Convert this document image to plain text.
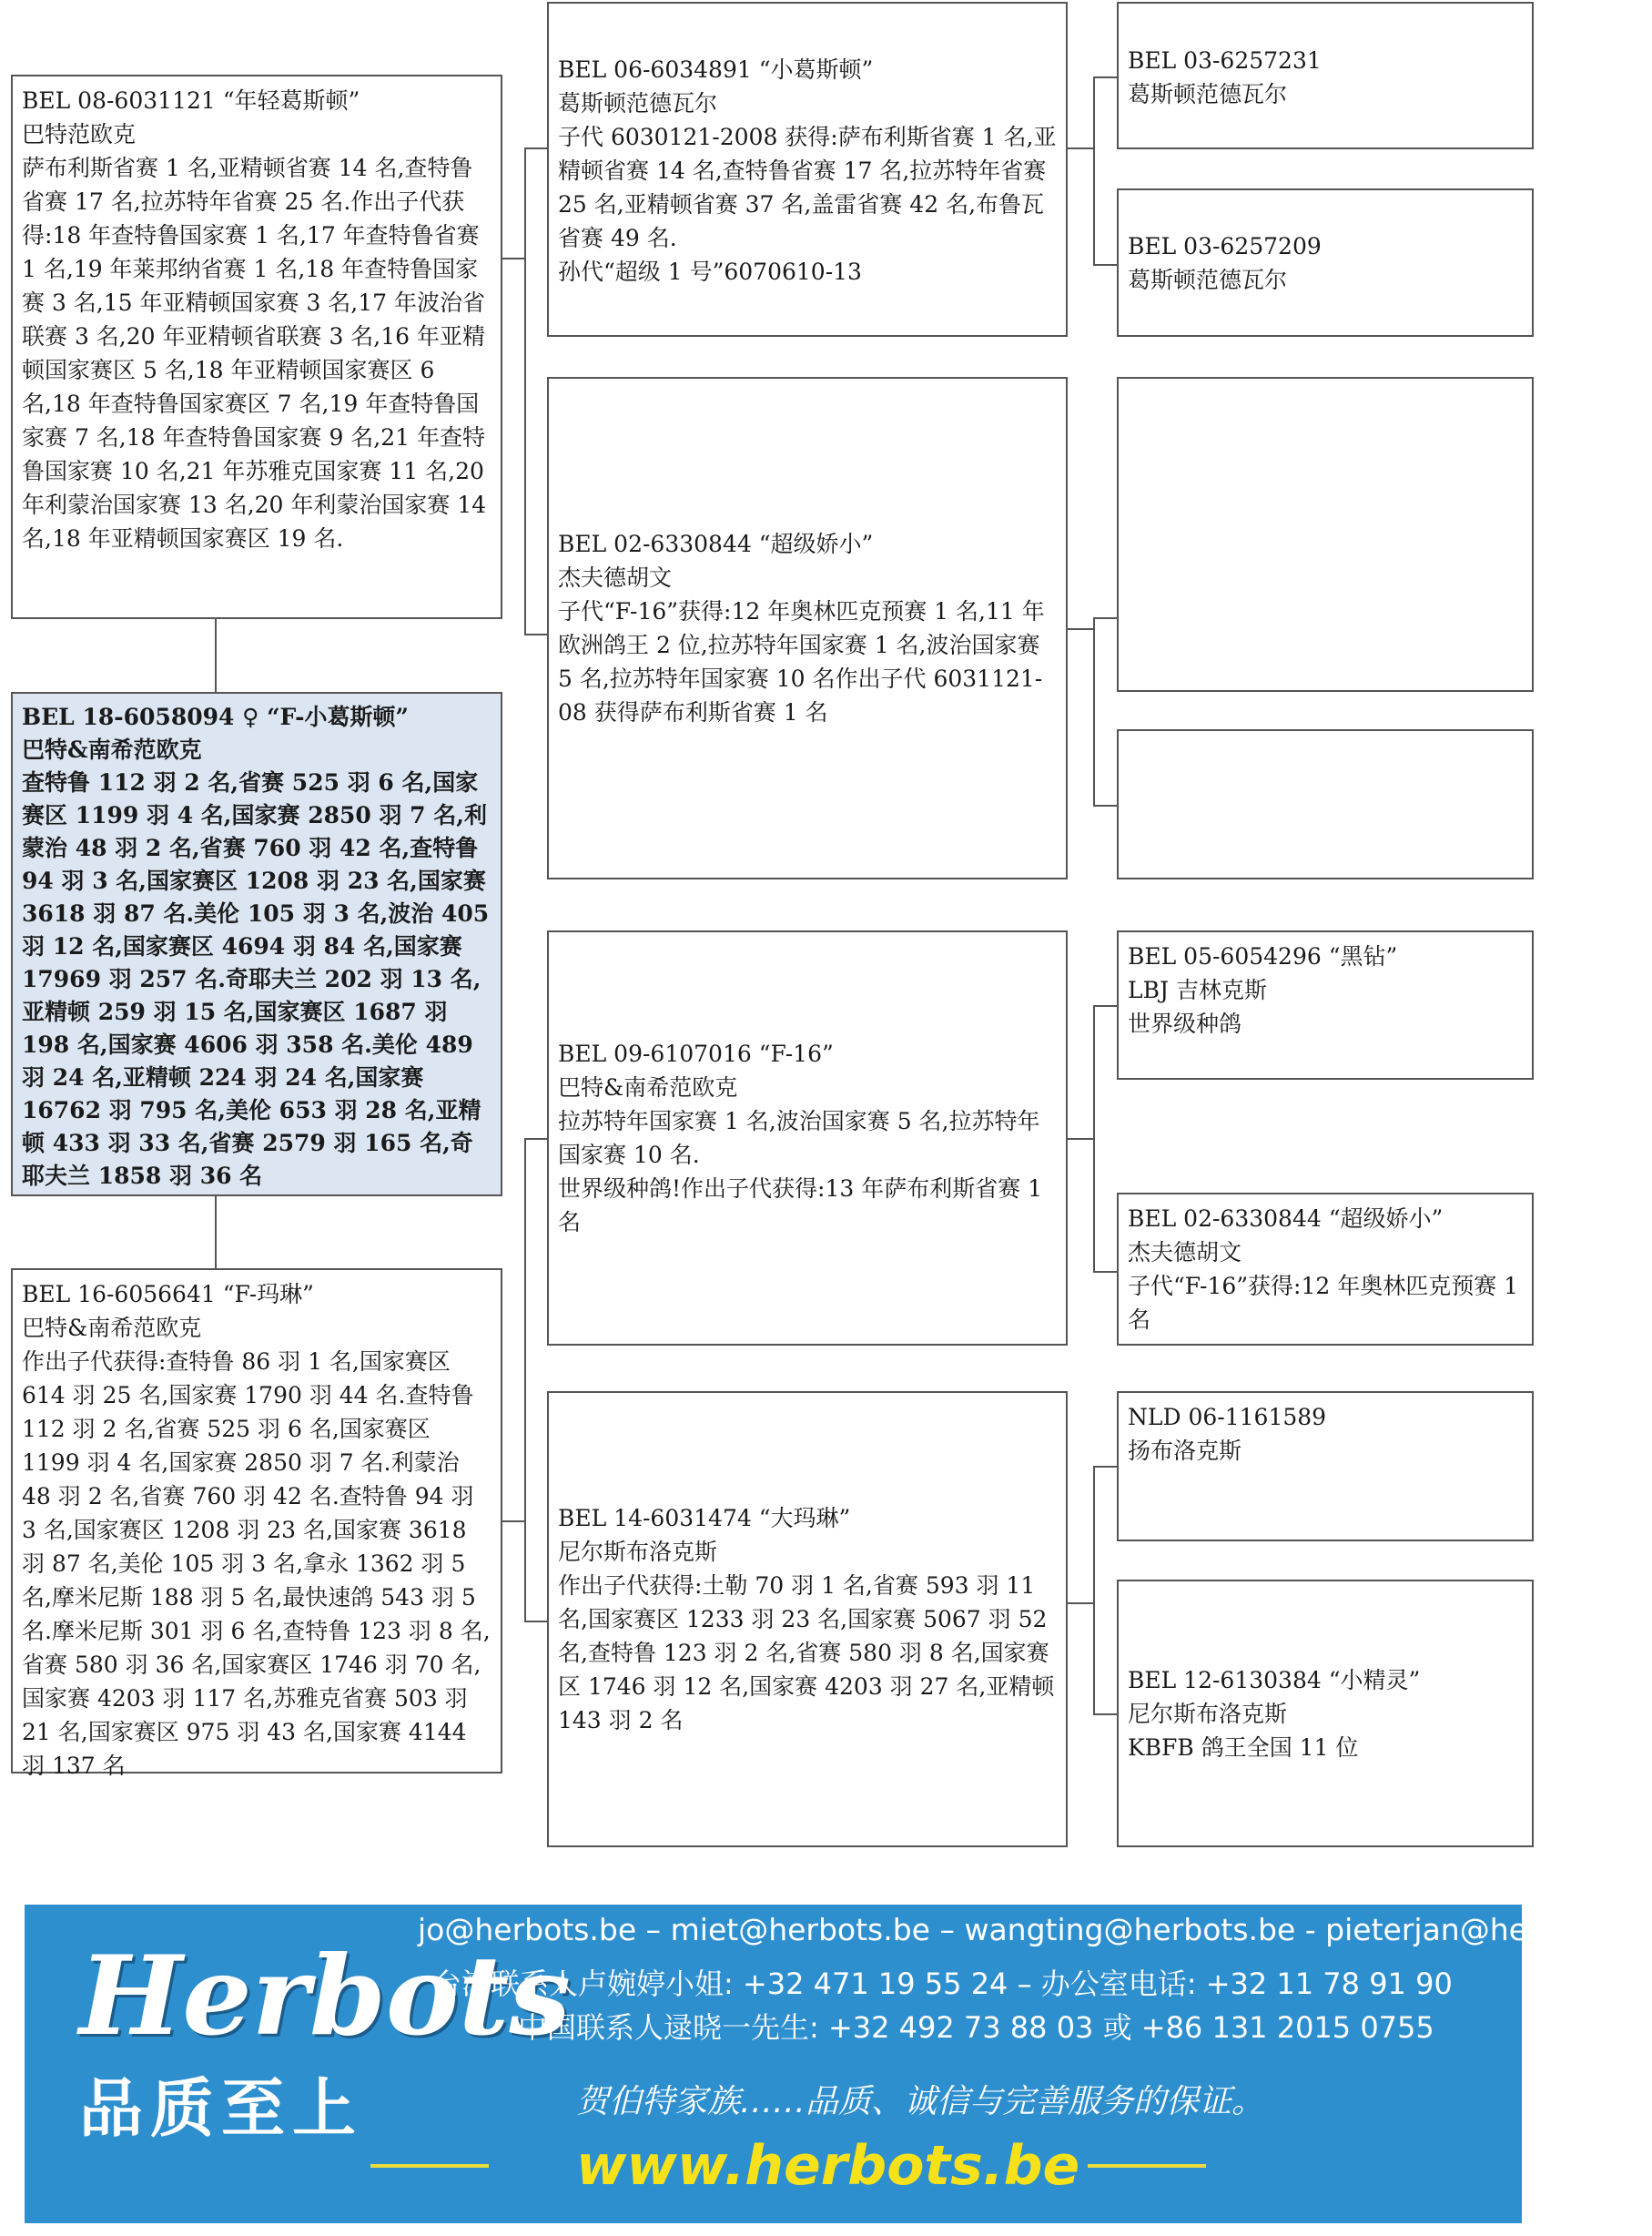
BEL 08-6031121 “年轻葛斯顿”

巴特范欧克

萨布利斯省赛 1 名,亚精顿省赛 14 名,查特鲁省赛 17 名,拉苏特年省赛 25 名.作出子代获得:18 年查特鲁国家赛 1 名,17 年查特鲁省赛 1 名,19 年莱邦纳省赛 1 名,18 年查特鲁国家赛 3 名,15 年亚精顿国家赛 3 名,17 年波治省联赛 3 名,20 年亚精顿省联赛 3 名,16 年亚精顿国家赛区 5 名,18 年亚精顿国家赛区 6 名,18 年查特鲁国家赛区 7 名,19 年查特鲁国家赛 7 名,18 年查特鲁国家赛 9 名,21 年查特鲁国家赛 10 名,21 年苏雅克国家赛 11 名,20 年利蒙治国家赛 13 名,20 年利蒙治国家赛 14 名,18 年亚精顿国家赛区 19 名.

BEL 18-6058094 ♀ “F-小葛斯顿”

巴特&南希范欧克

查特鲁 112 羽 2 名,省赛 525 羽 6 名,国家赛区 1199 羽 4 名,国家赛 2850 羽 7 名,利蒙治 48 羽 2 名,省赛 760 羽 42 名,查特鲁 94 羽 3 名,国家赛区 1208 羽 23 名,国家赛 3618 羽 87 名.美伦 105 羽 3 名,波治 405 羽 12 名,国家赛区 4694 羽 84 名,国家赛 17969 羽 257 名.奇耶夫兰 202 羽 13 名,亚精顿 259 羽 15 名,国家赛区 1687 羽 198 名,国家赛 4606 羽 358 名.美伦 489 羽 24 名,亚精顿 224 羽 24 名,国家赛 16762 羽 795 名,美伦 653 羽 28 名,亚精顿 433 羽 33 名,省赛 2579 羽 165 名,奇耶夫兰 1858 羽 36 名

BEL 16-6056641 “F-玛琳”

巴特&南希范欧克

作出子代获得:查特鲁 86 羽 1 名,国家赛区 614 羽 25 名,国家赛 1790 羽 44 名.查特鲁 112 羽 2 名,省赛 525 羽 6 名,国家赛区 1199 羽 4 名,国家赛 2850 羽 7 名.利蒙治 48 羽 2 名,省赛 760 羽 42 名.查特鲁 94 羽 3 名,国家赛区 1208 羽 23 名,国家赛 3618 羽 87 名,美伦 105 羽 3 名,拿永 1362 羽 5 名,摩米尼斯 188 羽 5 名,最快速鸽 543 羽 5 名.摩米尼斯 301 羽 6 名,查特鲁 123 羽 8 名,省赛 580 羽 36 名,国家赛区 1746 羽 70 名,国家赛 4203 羽 117 名,苏雅克省赛 503 羽 21 名,国家赛区 975 羽 43 名,国家赛 4144 羽 137 名

BEL 06-6034891 “小葛斯顿”

葛斯顿范德瓦尔

子代 6030121-2008 获得:萨布利斯省赛 1 名,亚精顿省赛 14 名,查特鲁省赛 17 名,拉苏特年省赛 25 名,亚精顿省赛 37 名,盖雷省赛 42 名,布鲁瓦省赛 49 名.

孙代“超级 1 号”6070610-13

BEL 02-6330844 “超级娇小”

杰夫德胡文

子代“F-16”获得:12 年奥林匹克预赛 1 名,11 年欧洲鸽王 2 位,拉苏特年国家赛 1 名,波治国家赛 5 名,拉苏特年国家赛 10 名作出子代 6031121-08 获得萨布利斯省赛 1 名

BEL 09-6107016 “F-16”

巴特&南希范欧克

拉苏特年国家赛 1 名,波治国家赛 5 名,拉苏特年国家赛 10 名.

世界级种鸽!作出子代获得:13 年萨布利斯省赛 1 名

BEL 14-6031474 “大玛琳”

尼尔斯布洛克斯

作出子代获得:土勒 70 羽 1 名,省赛 593 羽 11 名,国家赛区 1233 羽 23 名,国家赛 5067 羽 52 名,查特鲁 123 羽 2 名,省赛 580 羽 8 名,国家赛区 1746 羽 12 名,国家赛 4203 羽 27 名,亚精顿 143 羽 2 名

BEL 03-6257231

葛斯顿范德瓦尔

BEL 03-6257209

葛斯顿范德瓦尔

BEL 05-6054296 “黑钻”

LBJ 吉林克斯

世界级种鸽

BEL 02-6330844 “超级娇小”

杰夫德胡文

子代“F-16”获得:12 年奥林匹克预赛 1 名

NLD 06-1161589

扬布洛克斯

BEL 12-6130384 “小精灵”

尼尔斯布洛克斯

KBFB 鸽王全国 11 位

Herbots
品质至上
jo@herbots.be – miet@herbots.be – wangting@herbots.be - pieterjan@herbots.be
台湾联系人卢婉婷小姐: +32 471 19 55 24 – 办公室电话: +32 11 78 91 90
中国联系人逯晓一先生: +32 492 73 88 03 或 +86 131 2015 0755
贺伯特家族……品质、诚信与完善服务的保证。
www.herbots.be
